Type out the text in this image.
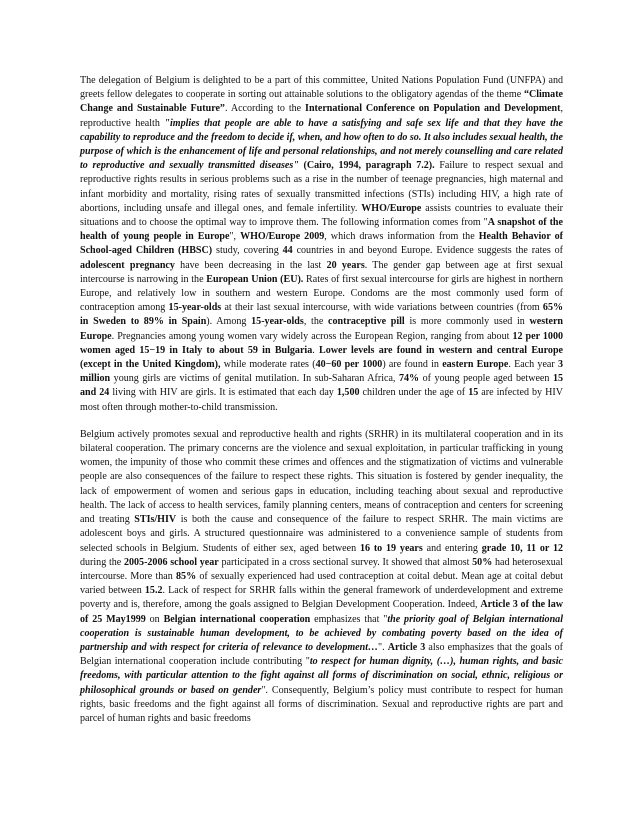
The delegation of Belgium is delighted to be a part of this committee, United Nations Population Fund (UNFPA) and greets fellow delegates to cooperate in sorting out attainable solutions to the obligatory agendas of the theme “Climate Change and Sustainable Future”. According to the International Conference on Population and Development, reproductive health "implies that people are able to have a satisfying and safe sex life and that they have the capability to reproduce and the freedom to decide if, when, and how often to do so. It also includes sexual health, the purpose of which is the enhancement of life and personal relationships, and not merely counselling and care related to reproductive and sexually transmitted diseases" (Cairo, 1994, paragraph 7.2). Failure to respect sexual and reproductive rights results in serious problems such as a rise in the number of teenage pregnancies, high maternal and infant morbidity and mortality, rising rates of sexually transmitted infections (STIs) including HIV, a high rate of abortions, including unsafe and illegal ones, and female infertility. WHO/Europe assists countries to evaluate their situations and to choose the optimal way to improve them. The following information comes from "A snapshot of the health of young people in Europe", WHO/Europe 2009, which draws information from the Health Behavior of School-aged Children (HBSC) study, covering 44 countries in and beyond Europe. Evidence suggests the rates of adolescent pregnancy have been decreasing in the last 20 years. The gender gap between age at first sexual intercourse is narrowing in the European Union (EU). Rates of first sexual intercourse for girls are highest in northern Europe, and relatively low in southern and western Europe. Condoms are the most commonly used form of contraception among 15-year-olds at their last sexual intercourse, with wide variations between countries (from 65% in Sweden to 89% in Spain). Among 15-year-olds, the contraceptive pill is more commonly used in western Europe. Pregnancies among young women vary widely across the European Region, ranging from about 12 per 1000 women aged 15−19 in Italy to about 59 in Bulgaria. Lower levels are found in western and central Europe (except in the United Kingdom), while moderate rates (40−60 per 1000) are found in eastern Europe. Each year 3 million young girls are victims of genital mutilation. In sub-Saharan Africa, 74% of young people aged between 15 and 24 living with HIV are girls. It is estimated that each day 1,500 children under the age of 15 are infected by HIV most often through mother-to-child transmission.

Belgium actively promotes sexual and reproductive health and rights (SRHR) in its multilateral cooperation and in its bilateral cooperation. The primary concerns are the violence and sexual exploitation, in particular trafficking in young women, the impunity of those who commit these crimes and offences and the stigmatization of victims and vulnerable people are also consequences of the failure to respect these rights. This situation is fostered by gender inequality, the lack of empowerment of women and serious gaps in education, including teaching about sexual and reproductive health. The lack of access to health services, family planning centers, means of contraception and centers for screening and treating STIs/HIV is both the cause and consequence of the failure to respect SRHR. The main victims are adolescent boys and girls. A structured questionnaire was administered to a convenience sample of students from selected schools in Belgium. Students of either sex, aged between 16 to 19 years and entering grade 10, 11 or 12 during the 2005-2006 school year participated in a cross sectional survey. It showed that almost 50% had heterosexual intercourse. More than 85% of sexually experienced had used contraception at coital debut. Mean age at coital debut varied between 15.2. Lack of respect for SRHR falls within the general framework of underdevelopment and extreme poverty and is, therefore, among the goals assigned to Belgian Development Cooperation. Indeed, Article 3 of the law of 25 May1999 on Belgian international cooperation emphasizes that "the priority goal of Belgian international cooperation is sustainable human development, to be achieved by combating poverty based on the idea of partnership and with respect for criteria of relevance to development…". Article 3 also emphasizes that the goals of Belgian international cooperation include contributing "to respect for human dignity, (…), human rights, and basic freedoms, with particular attention to the fight against all forms of discrimination on social, ethnic, religious or philosophical grounds or based on gender". Consequently, Belgium’s policy must contribute to respect for human rights, basic freedoms and the fight against all forms of discrimination. Sexual and reproductive rights are part and parcel of human rights and basic freedoms
